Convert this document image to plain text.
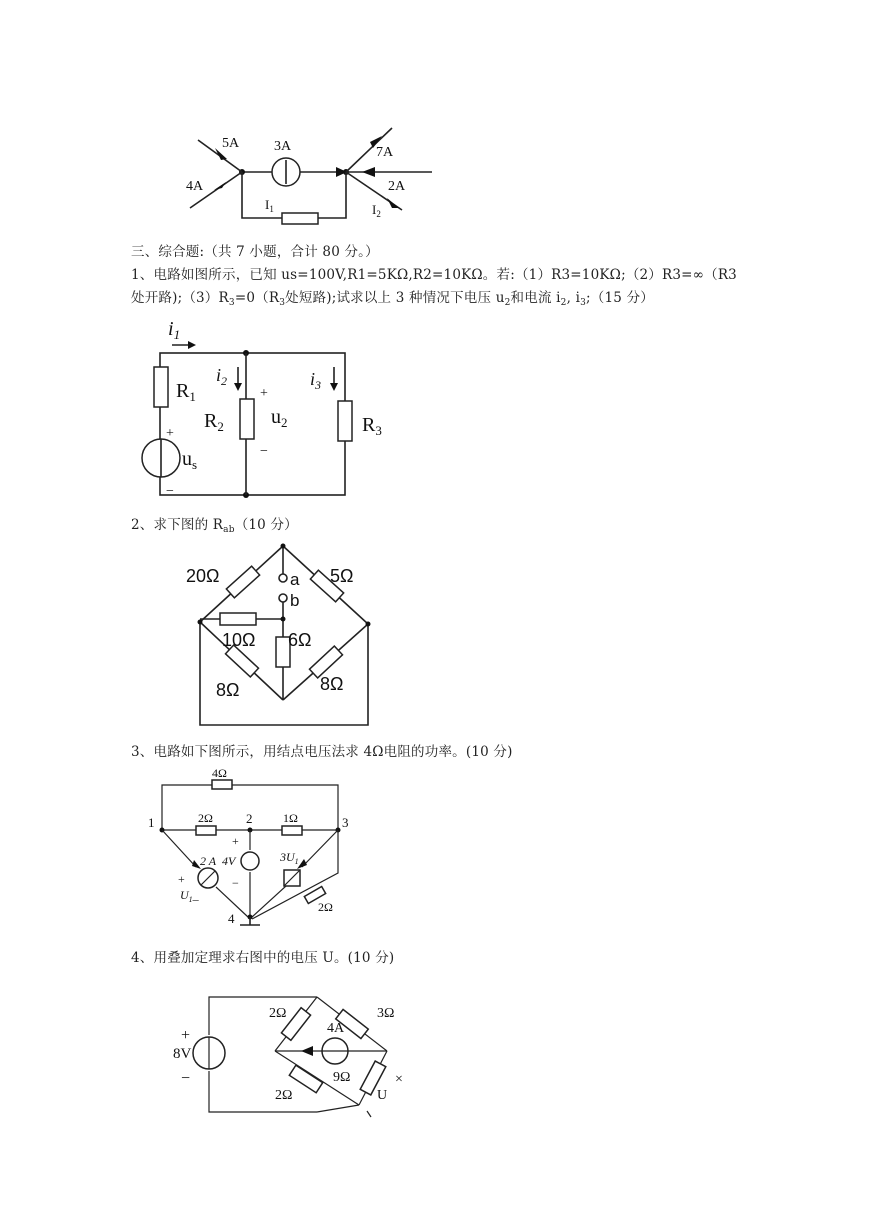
5A
4A
3A	7A
2A
$I_1$	$I_2$
三、综合题:（共 7 小题，合计 80 分。）
1、电路如图所示，已知 us=100V,R1=5KΩ,R2=10KΩ。若:（1）R3=10KΩ;（2）R3=∞（R3
处开路)$;(3)R_3=0(R_3$处短路);试求以上 3 种情况下电压 $u_2$和电流 $i_2$, $i_3;(15$ 分）
$i_1$
$i_2$	$i_3$
$R_1$
$R_2$	$R_3$
$u_2$
$u_s$
+
−
+
−
2、求下图的 $R_{ab}(10$ 分）
20Ω	5Ω
10Ω 6Ω
8Ω	8Ω
a
b
3、电路如下图所示，用结点电压法求 4Ω电阻的功率。(10 分)
4Ω
2Ω	1Ω
2Ω
1	2	3
4
2 A 4V	$3U_1$
$U_1\_$
+
+
−
4、用叠加定理求右图中的电压 U。(10 分)
8V
+
−
2Ω	3Ω
2Ω
9Ω
4A
U
×
